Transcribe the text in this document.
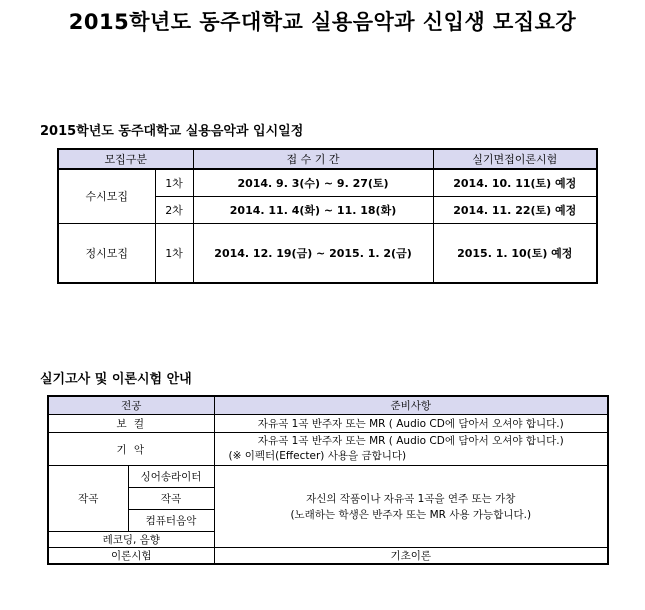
2015학년도 동주대학교 실용음악과 신입생 모집요강
2015학년도 동주대학교 실용음악과 입시일정
모집구분		접 수 기 간	실기면접이론시험
수시모집	1차	2014. 9. 3(수) ~ 9. 27(토)	2014. 10. 11(토) 예정
	2차	2014. 11. 4(화) ~ 11. 18(화)	2014. 11. 22(토) 예정
정시모집	1차	2014. 12. 19(금) ~ 2015. 1. 2(금)	2015. 1. 10(토) 예정
실기고사 및 이론시험 안내
전공		준비사항
보 컬		자유곡 1곡 반주자 또는 MR ( Audio CD에 담아서 오셔야 합니다.)
기 악		자유곡 1곡 반주자 또는 MR ( Audio CD에 담아서 오셔야 합니다.)
(※ 이펙터(Effecter) 사용을 금합니다)

작곡	싱어송라이터	자신의 작품이나 자유곡 1곡을 연주 또는 가창
(노래하는 학생은 반주자 또는 MR 사용 가능합니다.)

	작곡	
	컴퓨터음악	
레코딩, 음향		
이론시험		기초이론
